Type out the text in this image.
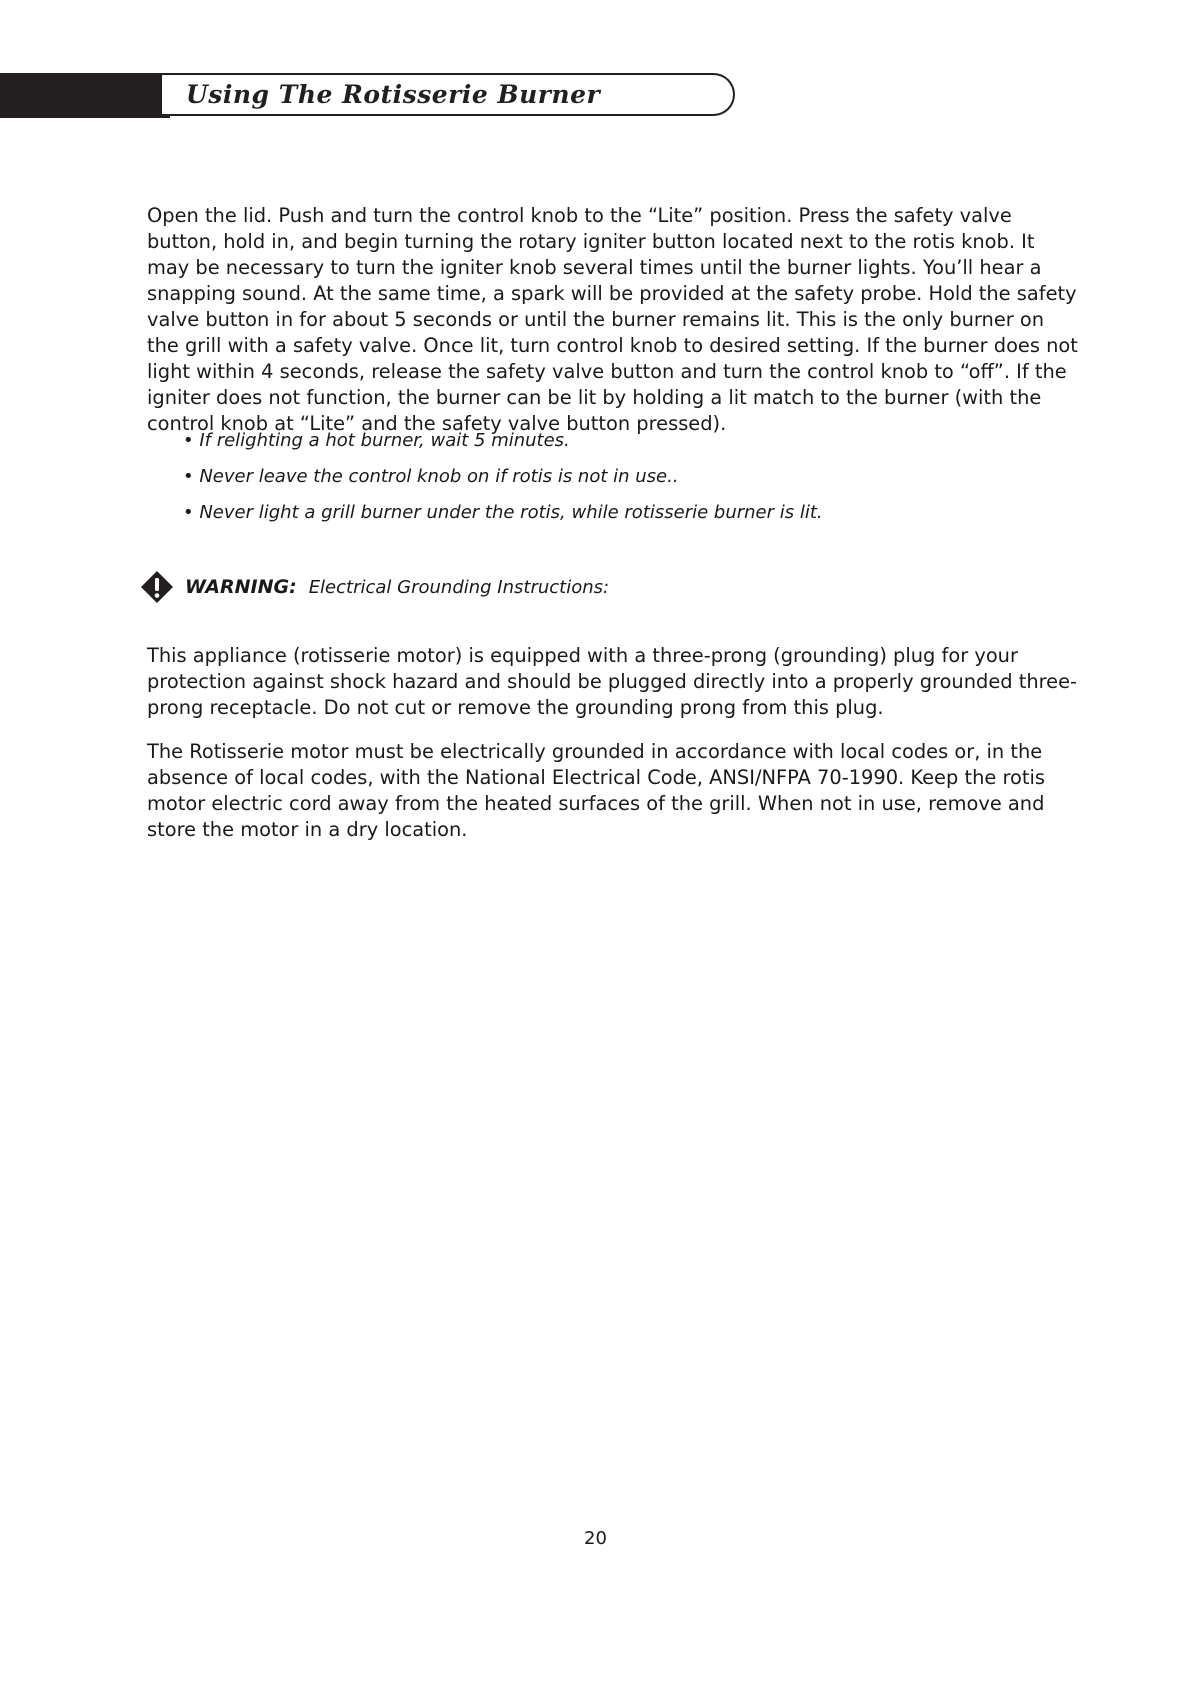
Using The Rotisserie Burner

Open the lid. Push and turn the control knob to the “Lite” position. Press the safety valve button, hold in, and begin turning the rotary igniter button located next to the rotis knob. It may be necessary to turn the igniter knob several times until the burner lights. You’ll hear a snapping sound. At the same time, a spark will be provided at the safety probe. Hold the safety valve button in for about 5 seconds or until the burner remains lit. This is the only burner on the grill with a safety valve. Once lit, turn control knob to desired setting. If the burner does not light within 4 seconds, release the safety valve button and turn the control knob to “off”. If the igniter does not function, the burner can be lit by holding a lit match to the burner (with the control knob at “Lite” and the safety valve button pressed).

• If relighting a hot burner, wait 5 minutes.
• Never leave the control knob on if rotis is not in use..
• Never light a grill burner under the rotis, while rotisserie burner is lit.
WARNING: Electrical Grounding Instructions:

This appliance (rotisserie motor) is equipped with a three-prong (grounding) plug for your protection against shock hazard and should be plugged directly into a properly grounded three-prong receptacle. Do not cut or remove the grounding prong from this plug.

The Rotisserie motor must be electrically grounded in accordance with local codes or, in the absence of local codes, with the National Electrical Code, ANSI/NFPA 70-1990. Keep the rotis motor electric cord away from the heated surfaces of the grill. When not in use, remove and store the motor in a dry location.

20
